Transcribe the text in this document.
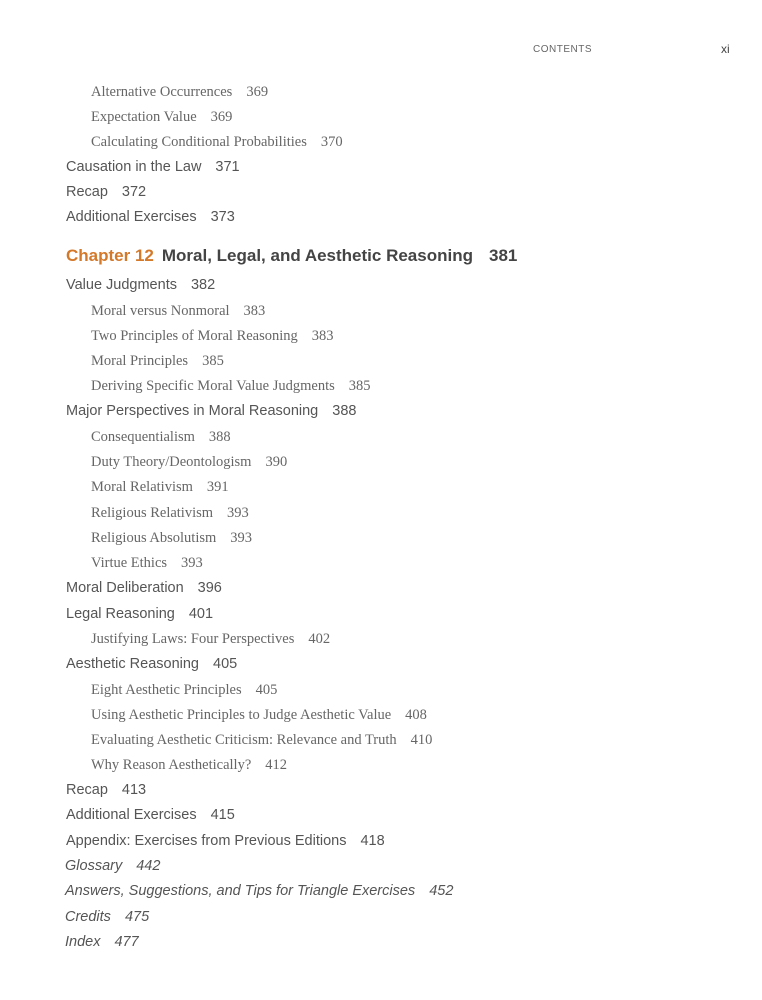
CONTENTS	xi
Alternative Occurrences 369
Expectation Value 369
Calculating Conditional Probabilities 370
Causation in the Law 371
Recap 372
Additional Exercises 373
Chapter 12 Moral, Legal, and Aesthetic Reasoning 381
Value Judgments 382
Moral versus Nonmoral 383
Two Principles of Moral Reasoning 383
Moral Principles 385
Deriving Specific Moral Value Judgments 385
Major Perspectives in Moral Reasoning 388
Consequentialism 388
Duty Theory/Deontologism 390
Moral Relativism 391
Religious Relativism 393
Religious Absolutism 393
Virtue Ethics 393
Moral Deliberation 396
Legal Reasoning 401
Justifying Laws: Four Perspectives 402
Aesthetic Reasoning 405
Eight Aesthetic Principles 405
Using Aesthetic Principles to Judge Aesthetic Value 408
Evaluating Aesthetic Criticism: Relevance and Truth 410
Why Reason Aesthetically? 412
Recap 413
Additional Exercises 415
Appendix: Exercises from Previous Editions 418
Glossary 442
Answers, Suggestions, and Tips for Triangle Exercises 452
Credits 475
Index 477
